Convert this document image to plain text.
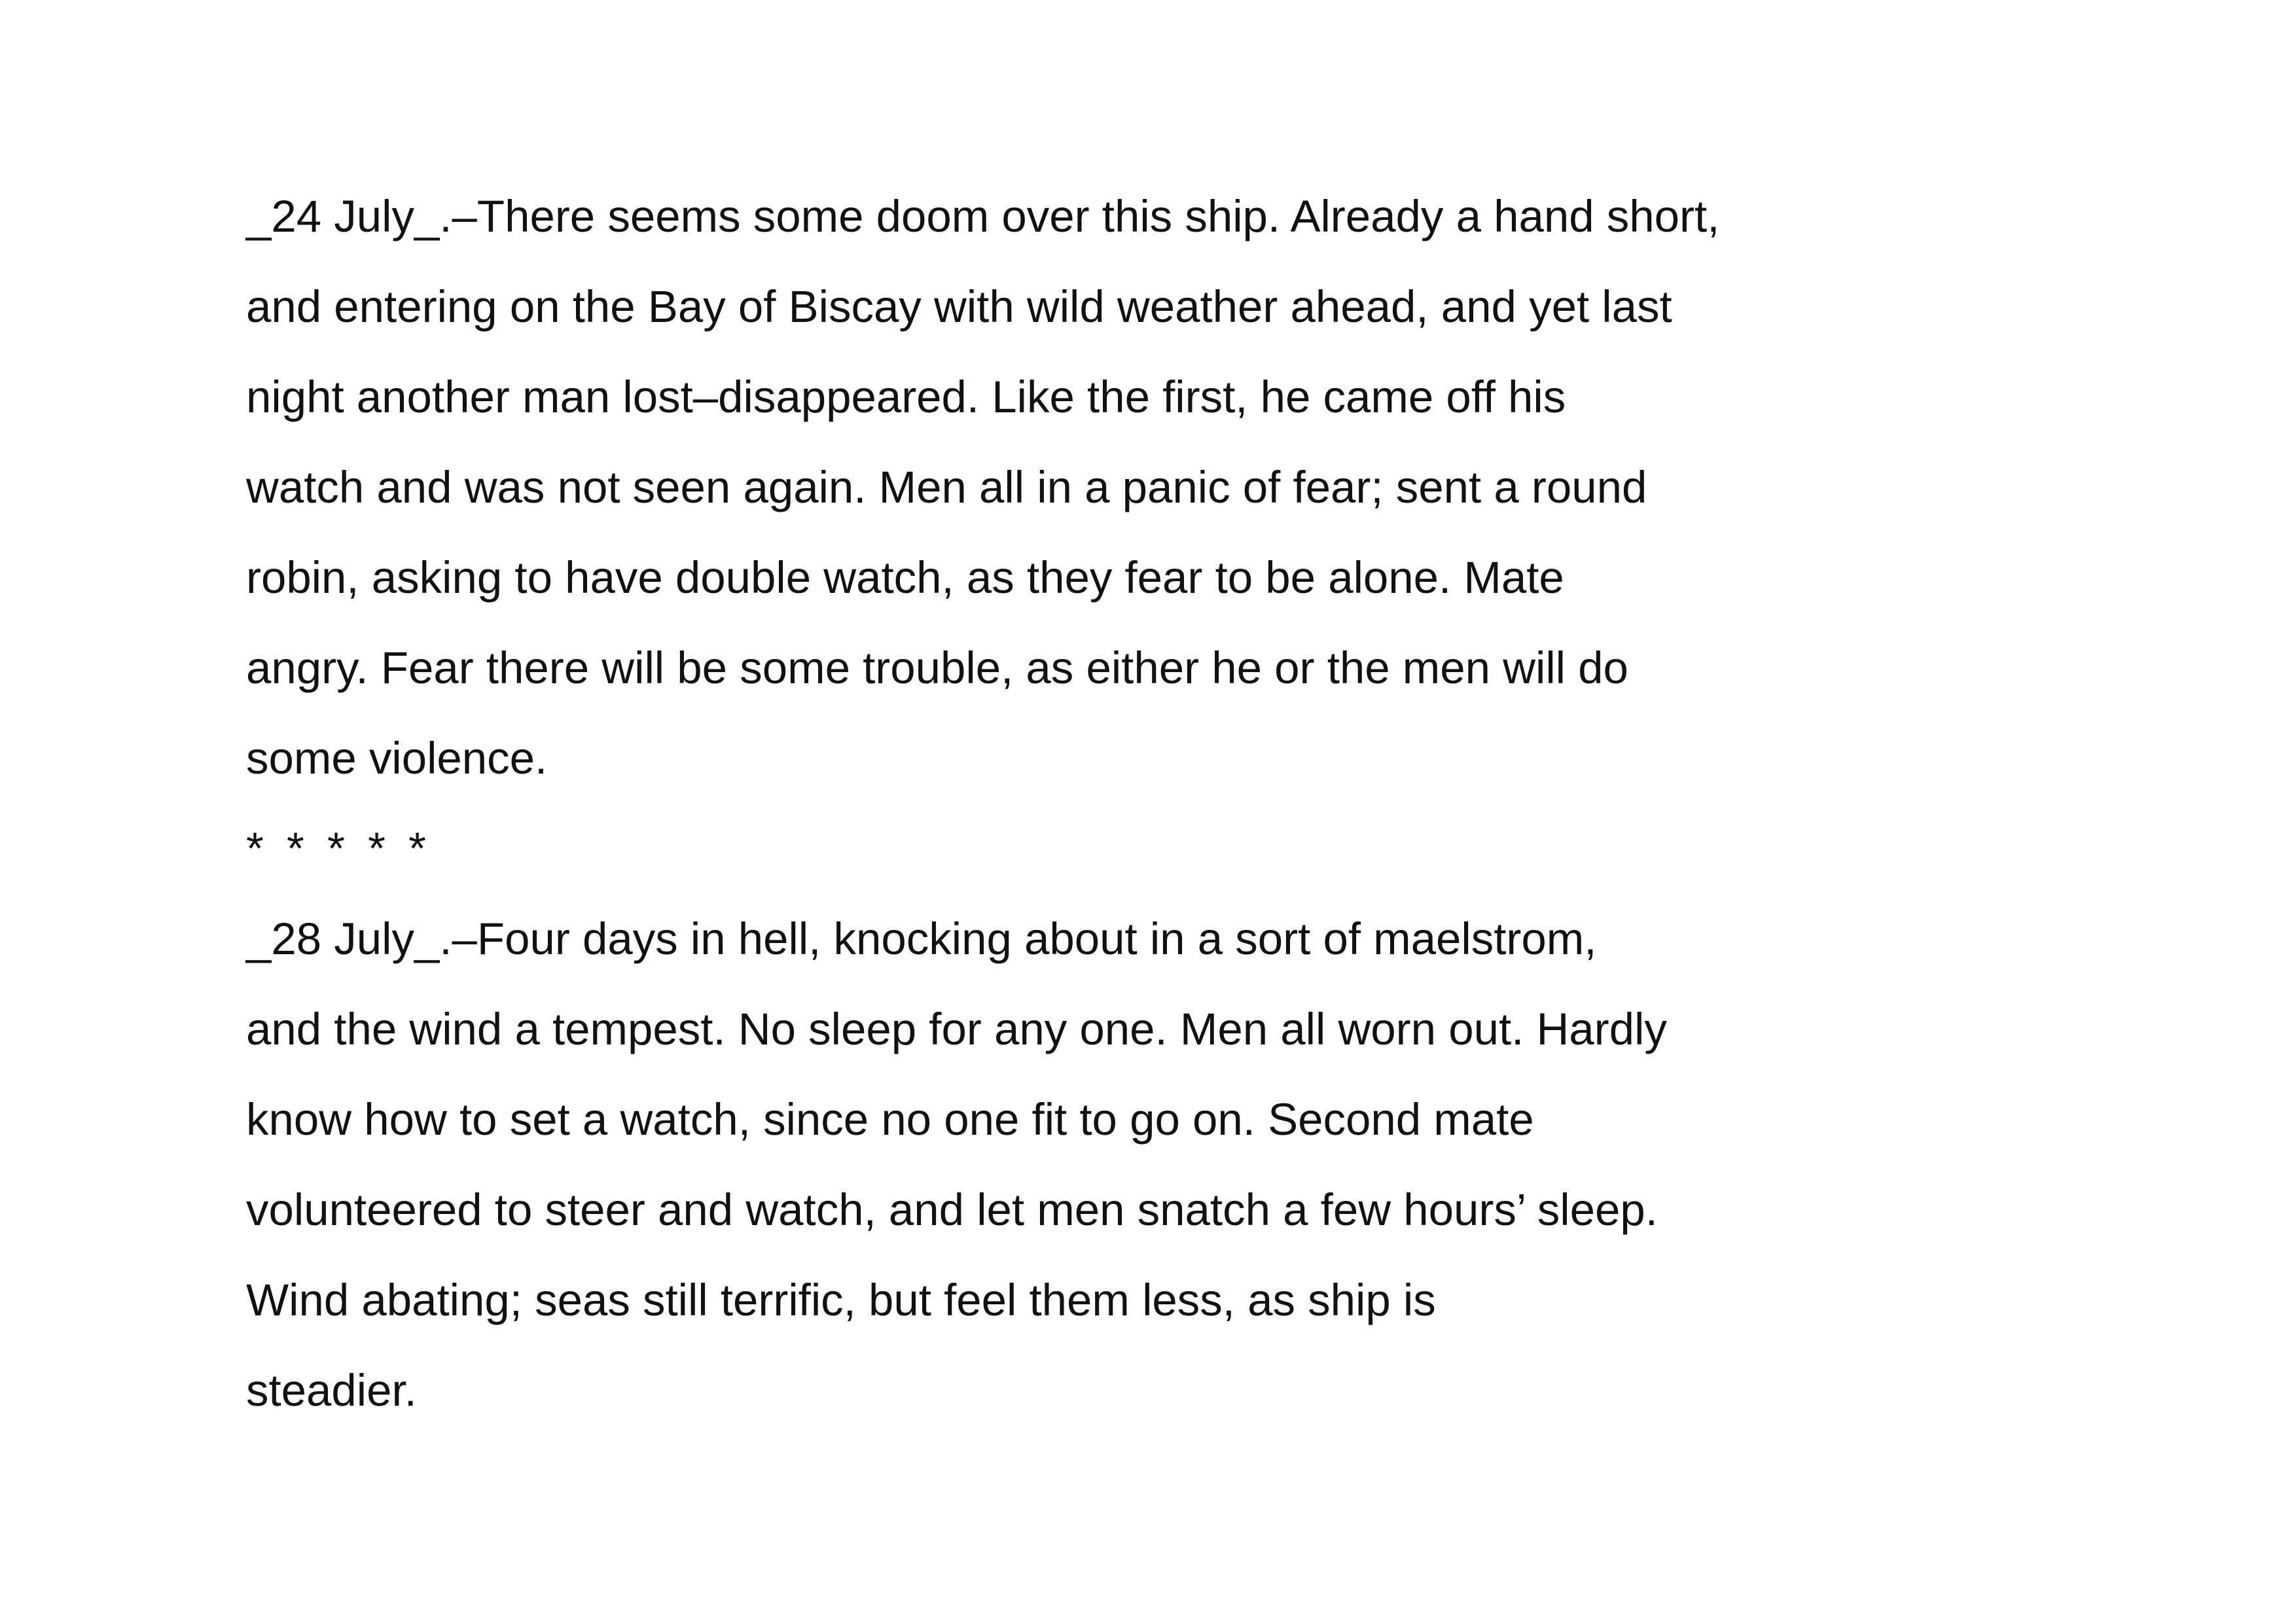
_24 July_.–There seems some doom over this ship. Already a hand short,
and entering on the Bay of Biscay with wild weather ahead, and yet last
night another man lost–disappeared. Like the first, he came off his
watch and was not seen again. Men all in a panic of fear; sent a round
robin, asking to have double watch, as they fear to be alone. Mate
angry. Fear there will be some trouble, as either he or the men will do
some violence.
* * * * *
_28 July_.–Four days in hell, knocking about in a sort of maelstrom,
and the wind a tempest. No sleep for any one. Men all worn out. Hardly
know how to set a watch, since no one fit to go on. Second mate
volunteered to steer and watch, and let men snatch a few hours’ sleep.
Wind abating; seas still terrific, but feel them less, as ship is
steadier.
